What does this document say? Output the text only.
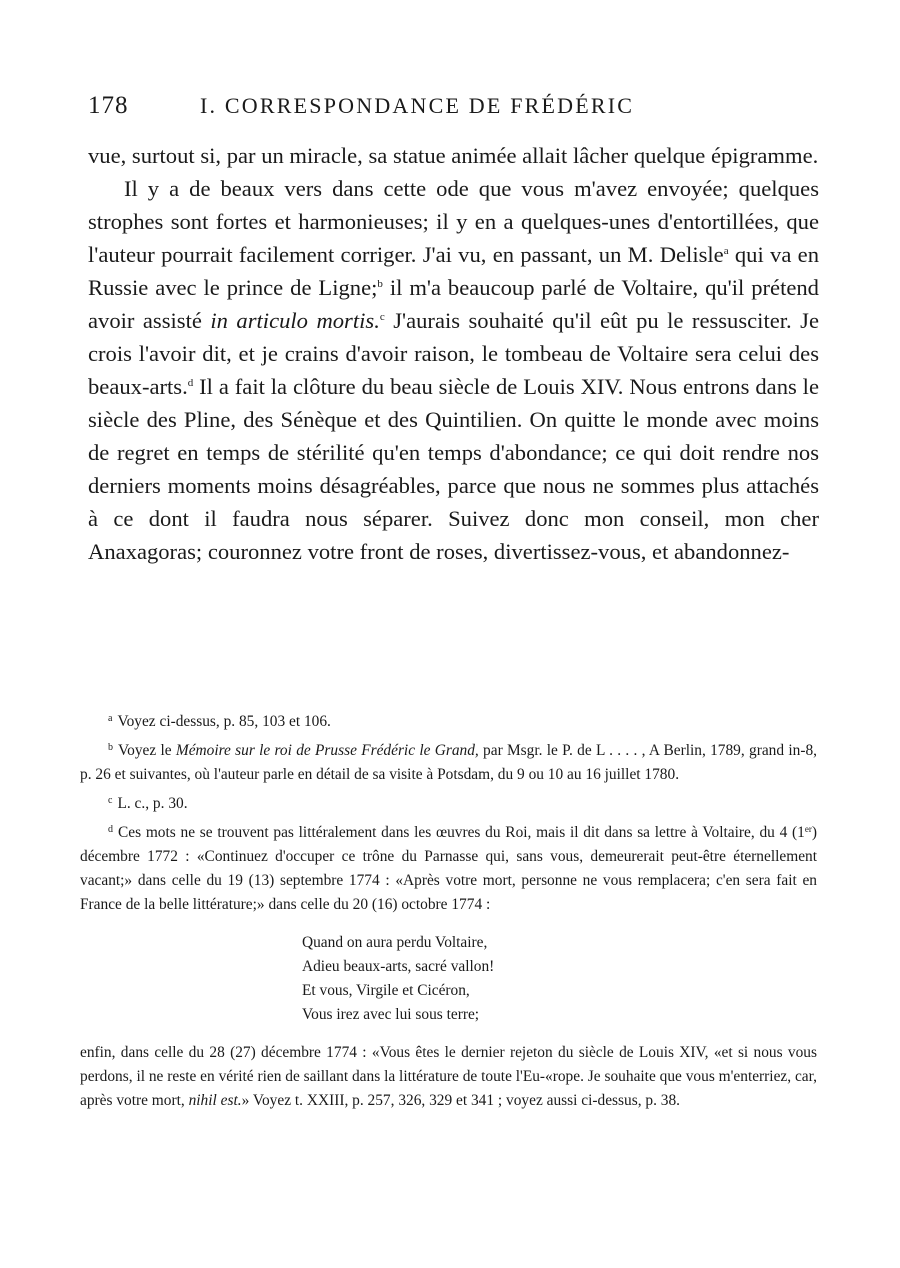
178	I. CORRESPONDANCE DE FRÉDÉRIC

vue, surtout si, par un miracle, sa statue animée allait lâcher quelque épigramme.

Il y a de beaux vers dans cette ode que vous m'avez envoyée; quelques strophes sont fortes et harmonieuses; il y en a quelques-unes d'entortillées, que l'auteur pourrait facilement corriger. J'ai vu, en passant, un M. Delisle$^a$ qui va en Russie avec le prince de Ligne;$^b$ il m'a beaucoup parlé de Voltaire, qu'il prétend avoir assisté in articulo mortis.$^c$ J'aurais souhaité qu'il eût pu le ressusciter. Je crois l'avoir dit, et je crains d'avoir raison, le tombeau de Voltaire sera celui des beaux-arts.$^d$ Il a fait la clôture du beau siècle de Louis XIV. Nous entrons dans le siècle des Pline, des Sénèque et des Quintilien. On quitte le monde avec moins de regret en temps de stérilité qu'en temps d'abondance; ce qui doit rendre nos derniers moments moins désagréables, parce que nous ne sommes plus attachés à ce dont il faudra nous séparer. Suivez donc mon conseil, mon cher Anaxagoras; couronnez votre front de roses, divertissez-vous, et abandonnez-

$^a$ Voyez ci-dessus, p. 85, 103 et 106.

$^b$ Voyez le Mémoire sur le roi de Prusse Frédéric le Grand, par Msgr. le P. de L . . . . , A Berlin, 1789, grand in-8, p. 26 et suivantes, où l'auteur parle en détail de sa visite à Potsdam, du 9 ou 10 au 16 juillet 1780.

$^c$ L. c., p. 30.

$^d$ Ces mots ne se trouvent pas littéralement dans les œuvres du Roi, mais il dit dans sa lettre à Voltaire, du 4 (1er) décembre 1772 : «Continuez d'occuper ce trône du Parnasse qui, sans vous, demeurerait peut-être éternellement vacant;» dans celle du 19 (13) septembre 1774 : «Après votre mort, personne ne vous remplacera; c'en sera fait en France de la belle littérature;» dans celle du 20 (16) octobre 1774 :

Quand on aura perdu Voltaire,
Adieu beaux-arts, sacré vallon!
Et vous, Virgile et Cicéron,
Vous irez avec lui sous terre;

enfin, dans celle du 28 (27) décembre 1774 : «Vous êtes le dernier rejeton du siècle de Louis XIV, «et si nous vous perdons, il ne reste en vérité rien de saillant dans la littérature de toute l'Eu-«rope. Je souhaite que vous m'enterriez, car, après votre mort, nihil est.» Voyez t. XXIII, p. 257, 326, 329 et 341 ; voyez aussi ci-dessus, p. 38.
